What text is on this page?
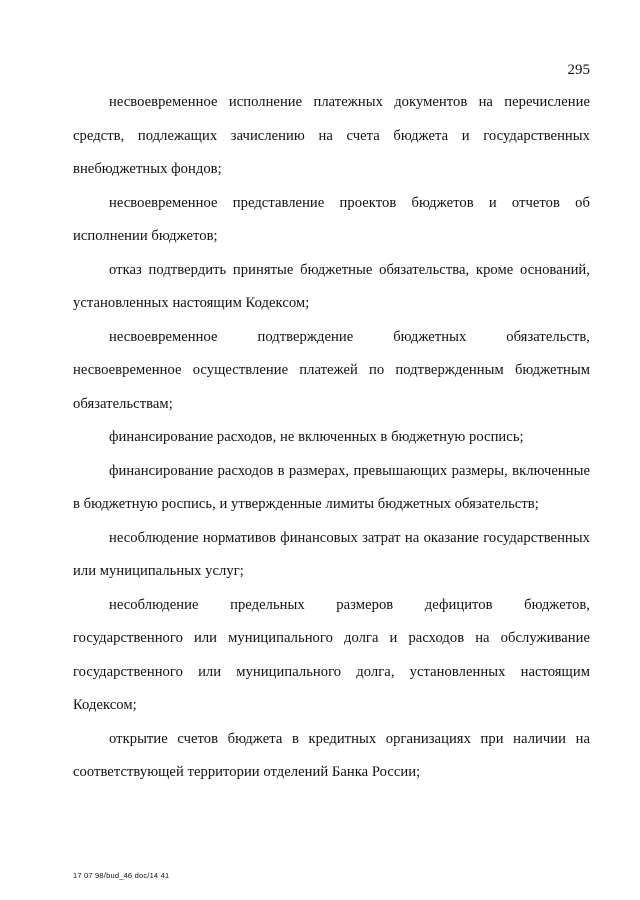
295

несвоевременное исполнение платежных документов на перечисление средств, подлежащих зачислению на счета бюджета и государственных внебюджетных фондов;

несвоевременное представление проектов бюджетов и отчетов об исполнении бюджетов;

отказ подтвердить принятые бюджетные обязательства, кроме оснований, установленных настоящим Кодексом;

несвоевременное подтверждение бюджетных обязательств, несвоевременное осуществление платежей по подтвержденным бюджетным обязательствам;

финансирование расходов, не включенных в бюджетную роспись;

финансирование расходов в размерах, превышающих размеры, включенные в бюджетную роспись, и утвержденные лимиты бюджетных обязательств;

несоблюдение нормативов финансовых затрат на оказание государственных или муниципальных услуг;

несоблюдение предельных размеров дефицитов бюджетов, государственного или муниципального долга и расходов на обслуживание государственного или муниципального долга, установленных настоящим Кодексом;

открытие счетов бюджета в кредитных организациях при наличии на соответствующей территории отделений Банка России;

17 07 98/bud_46 doc/14 41
